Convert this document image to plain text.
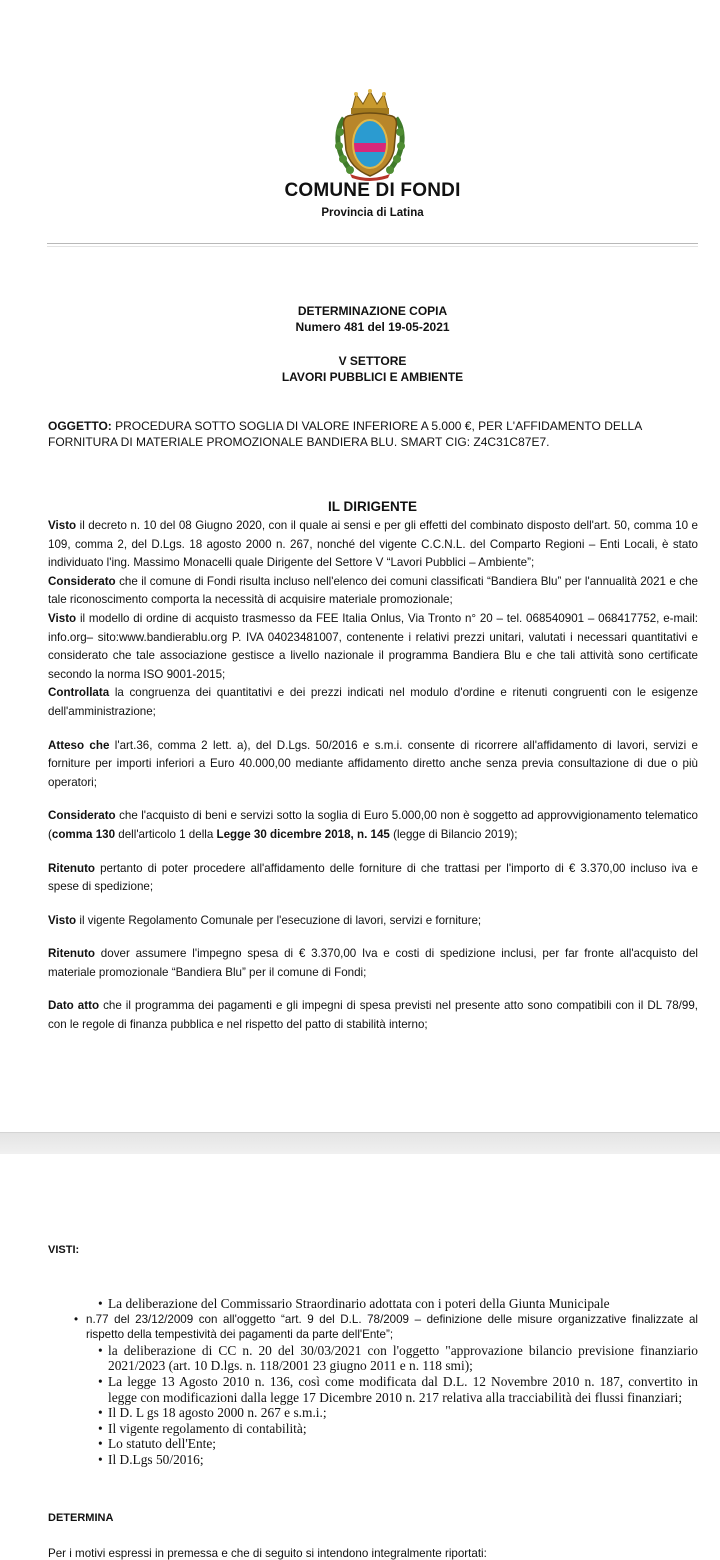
COMUNE DI FONDI
Provincia di Latina
DETERMINAZIONE COPIA
Numero 481 del 19-05-2021
V SETTORE
LAVORI PUBBLICI E AMBIENTE
OGGETTO: PROCEDURA SOTTO SOGLIA DI VALORE INFERIORE A 5.000 €, PER L'AFFIDAMENTO DELLA FORNITURA DI MATERIALE PROMOZIONALE BANDIERA BLU. SMART CIG: Z4C31C87E7.
IL DIRIGENTE

Visto il decreto n. 10 del 08 Giugno 2020, con il quale ai sensi e per gli effetti del combinato disposto dell'art. 50, comma 10 e 109, comma 2, del D.Lgs. 18 agosto 2000 n. 267, nonché del vigente C.C.N.L. del Comparto Regioni – Enti Locali, è stato individuato l'ing. Massimo Monacelli quale Dirigente del Settore V “Lavori Pubblici – Ambiente”;

Considerato che il comune di Fondi risulta incluso nell'elenco dei comuni classificati “Bandiera Blu” per l'annualità 2021 e che tale riconoscimento comporta la necessità di acquisire materiale promozionale;

Visto il modello di ordine di acquisto trasmesso da FEE Italia Onlus, Via Tronto n° 20 – tel. 068540901 – 068417752, e-mail: info.org– sito:www.bandierablu.org P. IVA 04023481007, contenente i relativi prezzi unitari, valutati i necessari quantitativi e considerato che tale associazione gestisce a livello nazionale il programma Bandiera Blu e che tali attività sono certificate secondo la norma ISO 9001-2015;

Controllata la congruenza dei quantitativi e dei prezzi indicati nel modulo d'ordine e ritenuti congruenti con le esigenze dell'amministrazione;

Atteso che l'art.36, comma 2 lett. a), del D.Lgs. 50/2016 e s.m.i. consente di ricorrere all'affidamento di lavori, servizi e forniture per importi inferiori a Euro 40.000,00 mediante affidamento diretto anche senza previa consultazione di due o più operatori;

Considerato che l'acquisto di beni e servizi sotto la soglia di Euro 5.000,00 non è soggetto ad approvvigionamento telematico (comma 130 dell'articolo 1 della Legge 30 dicembre 2018, n. 145 (legge di Bilancio 2019);

Ritenuto pertanto di poter procedere all'affidamento delle forniture di che trattasi per l'importo di € 3.370,00 incluso iva e spese di spedizione;

Visto il vigente Regolamento Comunale per l'esecuzione di lavori, servizi e forniture;

Ritenuto dover assumere l'impegno spesa di € 3.370,00 Iva e costi di spedizione inclusi, per far fronte all'acquisto del materiale promozionale “Bandiera Blu” per il comune di Fondi;

Dato atto che il programma dei pagamenti e gli impegni di spesa previsti nel presente atto sono compatibili con il DL 78/99, con le regole di finanza pubblica e nel rispetto del patto di stabilità interno;

VISTI:
• La deliberazione del Commissario Straordinario adottata con i poteri della Giunta Municipale
• n.77 del 23/12/2009 con all'oggetto “art. 9 del D.L. 78/2009 – definizione delle misure organizzative finalizzate al rispetto della tempestività dei pagamenti da parte dell'Ente”;
• la deliberazione di CC n. 20 del 30/03/2021 con l'oggetto "approvazione bilancio previsione finanziario 2021/2023 (art. 10 D.lgs. n. 118/2001 23 giugno 2011 e n. 118 smi);
• La legge 13 Agosto 2010 n. 136, così come modificata dal D.L. 12 Novembre 2010 n. 187, convertito in legge con modificazioni dalla legge 17 Dicembre 2010 n. 217 relativa alla tracciabilità dei flussi finanziari;
• Il D. L gs 18 agosto 2000 n. 267 e s.m.i.;
• Il vigente regolamento di contabilità;
• Lo statuto dell'Ente;
• Il D.Lgs 50/2016;
DETERMINA
Per i motivi espressi in premessa e che di seguito si intendono integralmente riportati:
